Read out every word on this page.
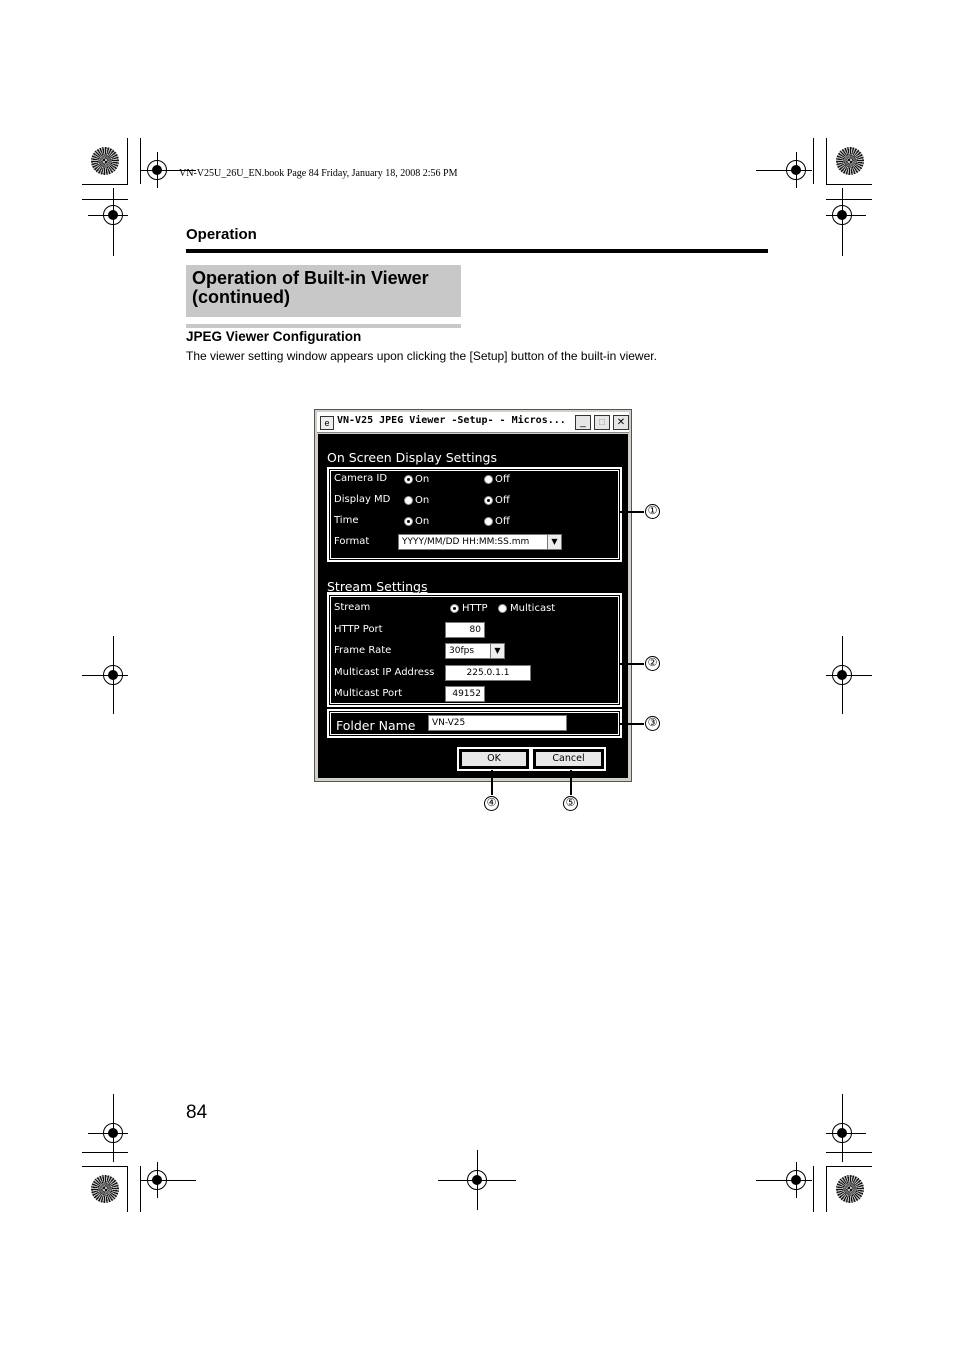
VN-V25U_26U_EN.book Page 84 Friday, January 18, 2008 2:56 PM
Operation
Operation of Built-in Viewer
(continued)
JPEG Viewer Configuration
The viewer setting window appears upon clicking the [Setup] button of the built-in viewer.
e VN-V25 JPEG Viewer -Setup- - Micros...	_	□	✕
On Screen Display Settings
Camera ID	On	Off
Display MD On	Off
Time	On	Off
Format	YYYY/MM/DD HH:MM:SS.mm	▼
Stream Settings
Stream	HTTP Multicast
HTTP Port	80
Frame Rate	30fps	▼
Multicast IP Address	225.0.1.1
Multicast Port	49152
Folder Name	VN-V25
OK	Cancel
①
②
③
④	⑤
84
